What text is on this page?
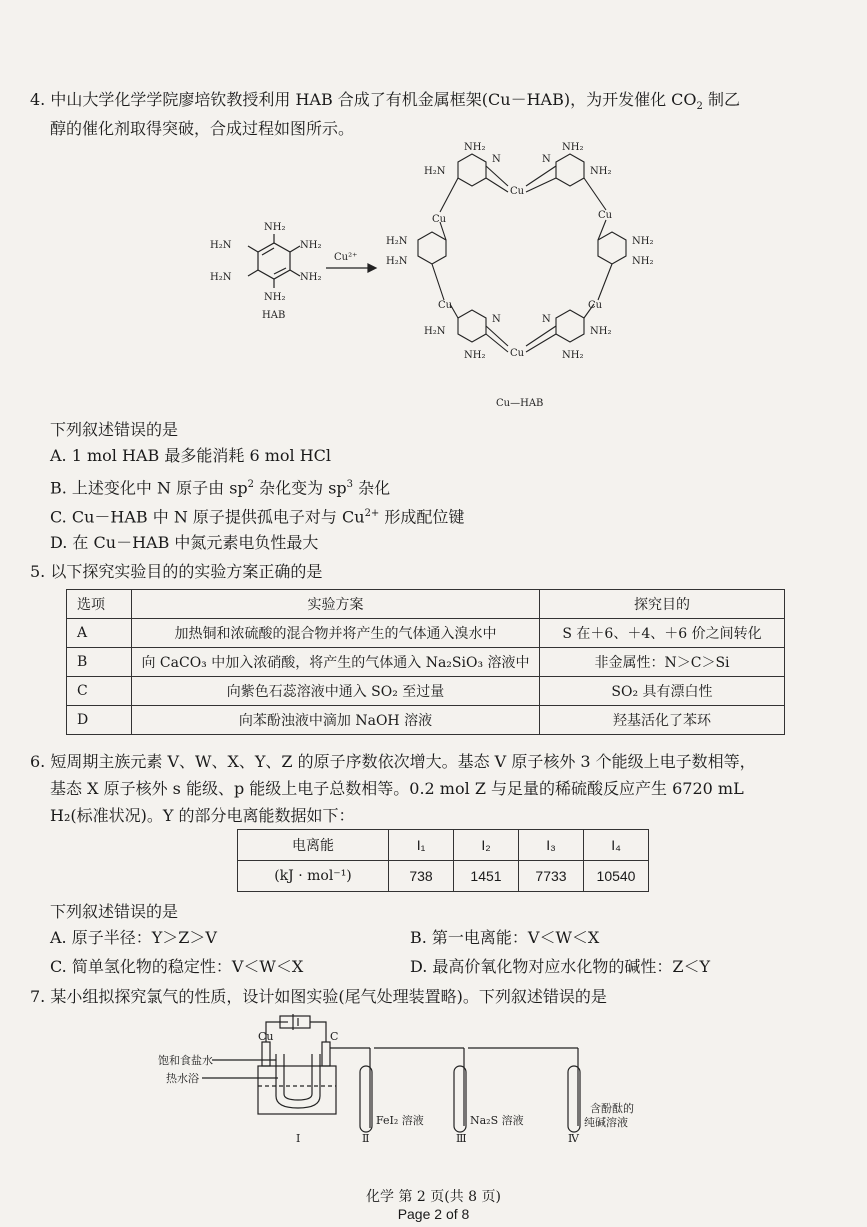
4. 中山大学化学学院廖培钦教授利用 HAB 合成了有机金属框架(Cu－HAB)，为开发催化 $CO_2$ 制乙
醇的催化剂取得突破，合成过程如图所示。
NH₂
NH₂
H₂N
H₂N
NH₂
NH₂
HAB
Cu²⁺
Cu
Cu	Cu
Cu	Cu
Cu
NH₂	NH₂
H₂N	NH₂
H₂N	NH₂
H₂N	NH₂
H₂N	NH₂
NH₂	NH₂
N	N
N	N
Cu—HAB
下列叙述错误的是
A. 1 mol HAB 最多能消耗 6 mol HCl
B. 上述变化中 N 原子由 $sp^2$ 杂化变为 $sp^3$ 杂化
C. Cu－HAB 中 N 原子提供孤电子对与 $Cu^{2+}$ 形成配位键
D. 在 Cu－HAB 中氮元素电负性最大
5. 以下探究实验目的的实验方案正确的是
选项	实验方案	探究目的
A	加热铜和浓硫酸的混合物并将产生的气体通入溴水中	S 在＋6、＋4、＋6 价之间转化
B	向 CaCO₃ 中加入浓硝酸，将产生的气体通入 Na₂SiO₃ 溶液中	非金属性：N＞C＞Si
C	向紫色石蕊溶液中通入 SO₂ 至过量	SO₂ 具有漂白性
D	向苯酚浊液中滴加 NaOH 溶液	羟基活化了苯环
6. 短周期主族元素 V、W、X、Y、Z 的原子序数依次增大。基态 V 原子核外 3 个能级上电子数相等，
基态 X 原子核外 s 能级、p 能级上电子总数相等。0.2 mol Z 与足量的稀硫酸反应产生 6720 mL
H₂(标准状况)。Y 的部分电离能数据如下：
电离能	I₁	I₂	I₃	I₄
(kJ · mol⁻¹)	738	1451	7733	10540
下列叙述错误的是
A. 原子半径：Y＞Z＞V	B. 第一电离能：V＜W＜X
C. 简单氢化物的稳定性：V＜W＜X	D. 最高价氧化物对应水化物的碱性：Z＜Y
7. 某小组拟探究氯气的性质，设计如图实验(尾气处理装置略)。下列叙述错误的是
Cu	C
饱和食盐水
热水浴
FeI₂ 溶液	Na₂S 溶液
含酚酞的
纯碱溶液
Ⅰ	Ⅱ	Ⅲ	Ⅳ
化学 第 2 页(共 8 页)
Page 2 of 8
